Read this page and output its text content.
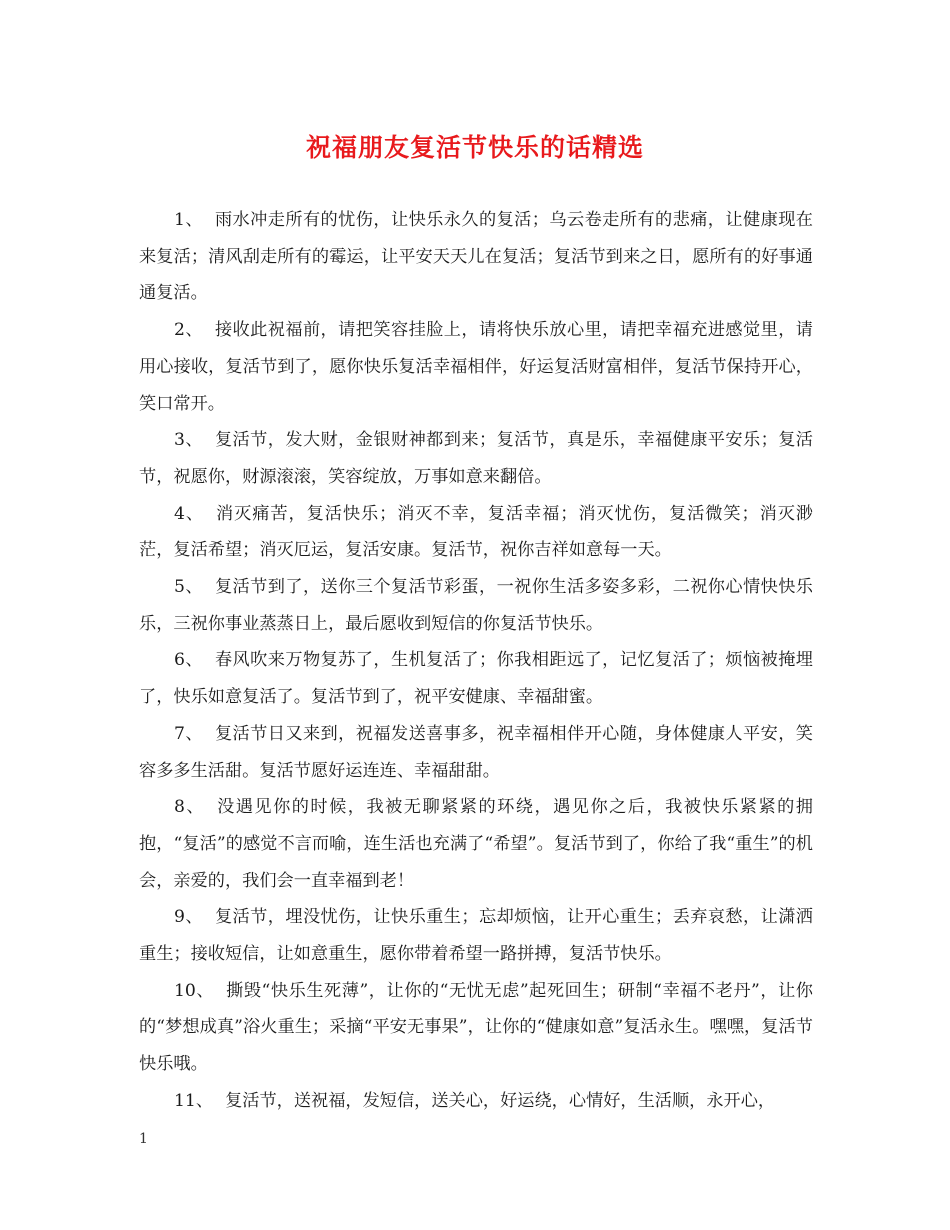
祝福朋友复活节快乐的话精选

1、 雨水冲走所有的忧伤，让快乐永久的复活；乌云卷走所有的悲痛，让健康现在来复活；清风刮走所有的霉运，让平安天天儿在复活；复活节到来之日，愿所有的好事通通复活。

2、 接收此祝福前，请把笑容挂脸上，请将快乐放心里，请把幸福充进感觉里，请用心接收，复活节到了，愿你快乐复活幸福相伴，好运复活财富相伴，复活节保持开心，笑口常开。

3、 复活节，发大财，金银财神都到来；复活节，真是乐，幸福健康平安乐；复活节，祝愿你，财源滚滚，笑容绽放，万事如意来翻倍。

4、 消灭痛苦，复活快乐；消灭不幸，复活幸福；消灭忧伤，复活微笑；消灭渺茫，复活希望；消灭厄运，复活安康。复活节，祝你吉祥如意每一天。

5、 复活节到了，送你三个复活节彩蛋，一祝你生活多姿多彩，二祝你心情快快乐乐，三祝你事业蒸蒸日上，最后愿收到短信的你复活节快乐。

6、 春风吹来万物复苏了，生机复活了；你我相距远了，记忆复活了；烦恼被掩埋了，快乐如意复活了。复活节到了，祝平安健康、幸福甜蜜。

7、 复活节日又来到，祝福发送喜事多，祝幸福相伴开心随，身体健康人平安，笑容多多生活甜。复活节愿好运连连、幸福甜甜。

8、 没遇见你的时候，我被无聊紧紧的环绕，遇见你之后，我被快乐紧紧的拥抱，“复活”的感觉不言而喻，连生活也充满了“希望”。复活节到了，你给了我“重生”的机会，亲爱的，我们会一直幸福到老！

9、 复活节，埋没忧伤，让快乐重生；忘却烦恼，让开心重生；丢弃哀愁，让潇洒重生；接收短信，让如意重生，愿你带着希望一路拼搏，复活节快乐。

10、 撕毁“快乐生死薄”，让你的“无忧无虑”起死回生；研制“幸福不老丹”，让你的“梦想成真”浴火重生；采摘“平安无事果”，让你的“健康如意”复活永生。嘿嘿，复活节快乐哦。

11、 复活节，送祝福，发短信，送关心，好运绕，心情好，生活顺，永开心，

1
